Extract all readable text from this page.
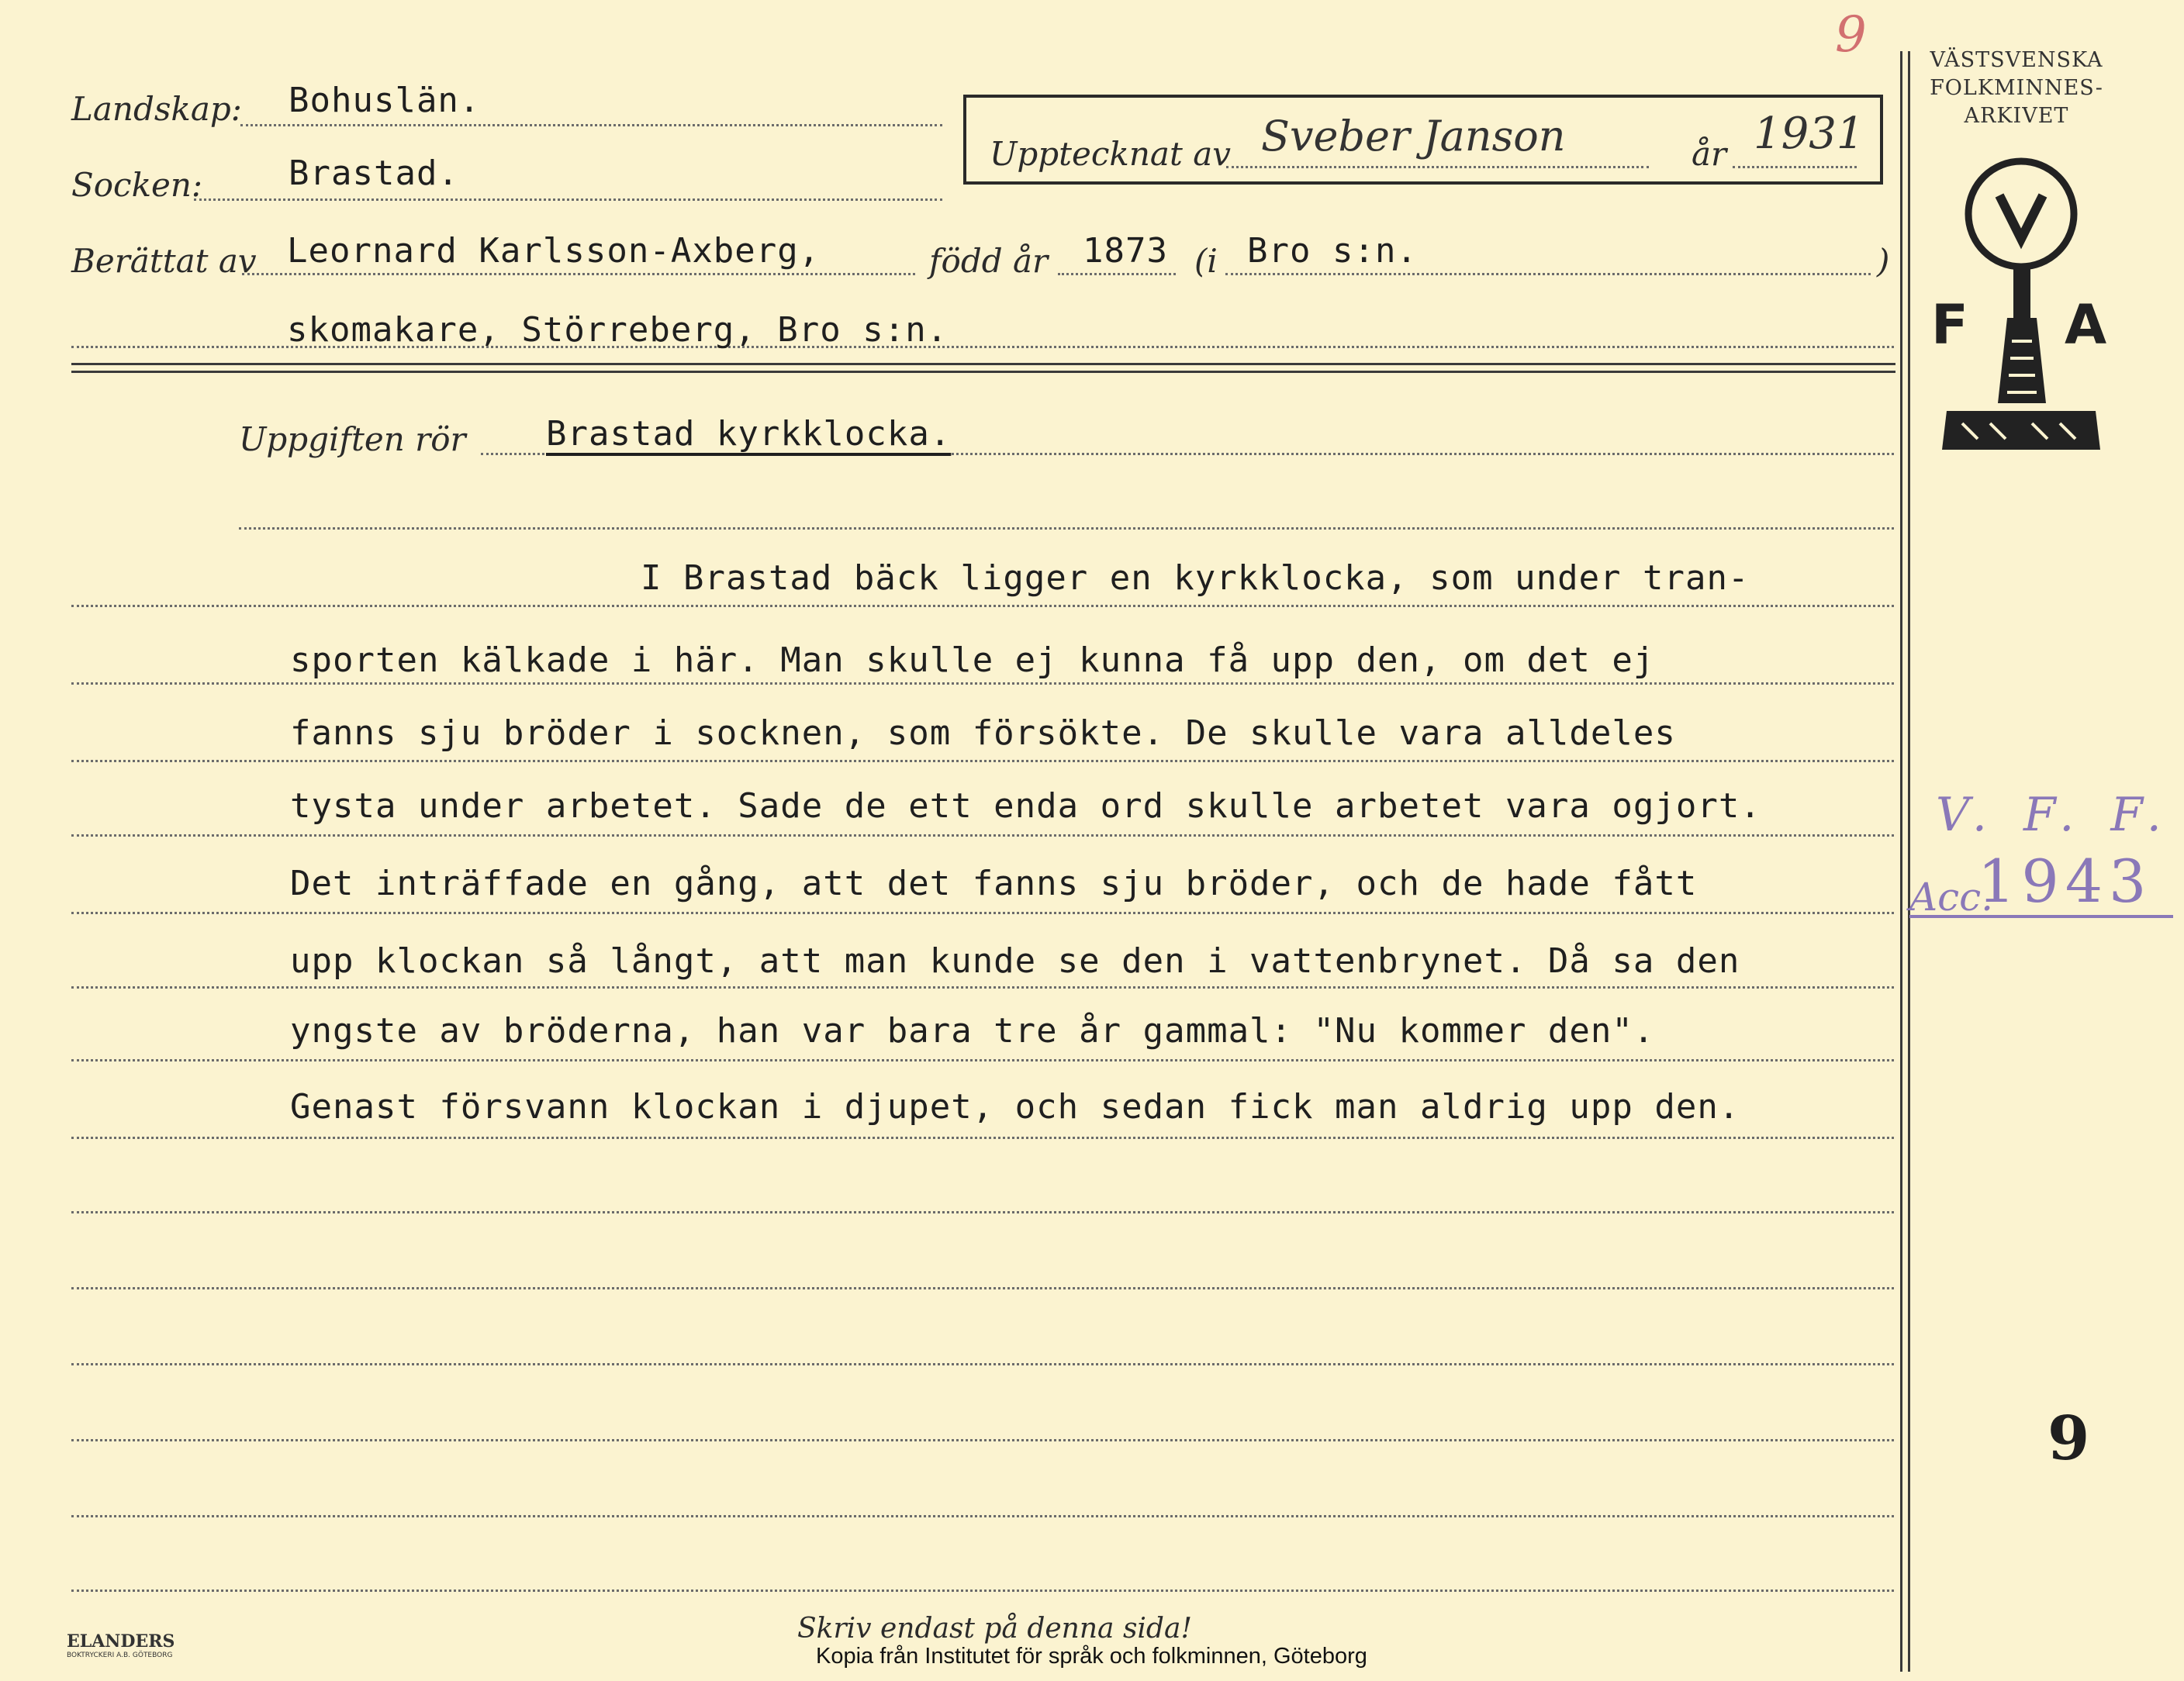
9	VÄSTSVENSKA
FOLKMINNES-
ARKIVET
F A
Landskap: Bohuslän.
Socken:	Brastad.	Upptecknat av Sveber Janson	år 1931
Berättat av Leornard Karlsson-Axberg,	född år 1873 (i Bro s:n.	)
skomakare, Störreberg, Bro s:n.
Uppgiften rör Brastad kyrkklocka.
I Brastad bäck ligger en kyrkklocka, som under tran-
sporten kälkade i här. Man skulle ej kunna få upp den, om det ej
fanns sju bröder i socknen, som försökte. De skulle vara alldeles
tysta under arbetet. Sade de ett enda ord skulle arbetet vara ogjort.
Det inträffade en gång, att det fanns sju bröder, och de hade fått
upp klockan så långt, att man kunde se den i vattenbrynet. Då sa den
yngste av bröderna, han var bara tre år gammal: "Nu kommer den".
Genast försvann klockan i djupet, och sedan fick man aldrig upp den.
V. F. F.
Acc.
1943
9
ELANDERS
BOKTRYCKERI A.B. GÖTEBORG
Skriv endast på denna sida!
Kopia från Institutet för språk och folkminnen, Göteborg
